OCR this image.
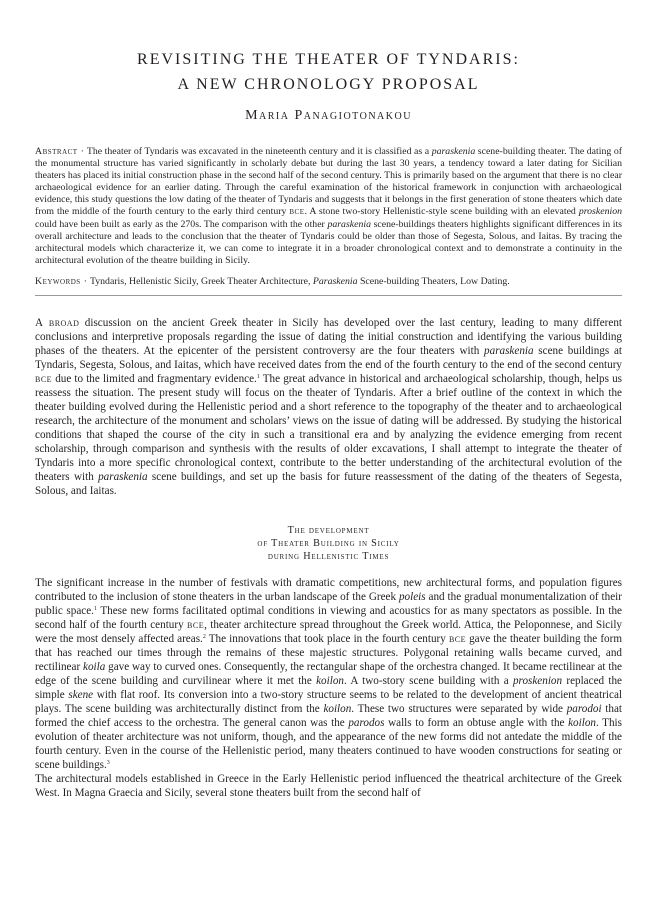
REVISITING THE THEATER OF TYNDARIS:
A NEW CHRONOLOGY PROPOSAL
Maria Panagiotonakou

Abstract · The theater of Tyndaris was excavated in the nineteenth century and it is classified as a paraskenia scene-building theater. The dating of the monumental structure has varied significantly in scholarly debate but during the last 30 years, a tendency toward a later dating for Sicilian theaters has placed its initial construction phase in the second half of the second century. This is primarily based on the argument that there is no clear archaeological evidence for an earlier dating. Through the careful examination of the historical framework in conjunction with archaeological evidence, this study questions the low dating of the theater of Tyndaris and suggests that it belongs in the first generation of stone theaters which date from the middle of the fourth century to the early third century bce. A stone two-story Hellenistic-style scene building with an elevated proskenion could have been built as early as the 270s. The comparison with the other paraskenia scene-buildings theaters highlights significant differences in its overall architecture and leads to the conclusion that the theater of Tyndaris could be older than those of Segesta, Solous, and Iaitas. By tracing the architectural models which characterize it, we can come to integrate it in a broader chronological context and to demonstrate a continuity in the architectural evolution of the theatre building in Sicily.

Keywords · Tyndaris, Hellenistic Sicily, Greek Theater Architecture, Paraskenia Scene-building Theaters, Low Dating.

A broad discussion on the ancient Greek theater in Sicily has developed over the last century, leading to many different conclusions and interpretive proposals regarding the issue of dating the initial construction and identifying the various building phases of the theaters. At the epicenter of the persistent controversy are the four theaters with paraskenia scene buildings at Tyndaris, Segesta, Solous, and Iaitas, which have received dates from the end of the fourth century to the end of the second century bce due to the limited and fragmentary evidence.$^1$ The great advance in historical and archaeological scholarship, though, helps us reassess the situation. The present study will focus on the theater of Tyndaris. After a brief outline of the context in which the theater building evolved during the Hellenistic period and a short reference to the topography of the theater and to archaeological research, the architecture of the monument and scholars’ views on the issue of dating will be addressed. By studying the historical conditions that shaped the course of the city in such a transitional era and by analyzing the evidence emerging from recent scholarship, through comparison and synthesis with the results of older excavations, I shall attempt to integrate the theater of Tyndaris into a more specific chronological context, contribute to the better understanding of the architectural evolution of the theaters with paraskenia scene buildings, and set up the basis for future reassessment of the dating of the theaters of Segesta, Solous, and Iaitas.

The development
of Theater Building in Sicily
during Hellenistic Times

The significant increase in the number of festivals with dramatic competitions, new architectural forms, and population figures contributed to the inclusion of stone theaters in the urban landscape of the Greek poleis and the gradual monumentalization of their public space.$^1$ These new forms facilitated optimal conditions in viewing and acoustics for as many spectators as possible. In the second half of the fourth century bce, theater architecture spread throughout the Greek world. Attica, the Peloponnese, and Sicily were the most densely affected areas.$^2$ The innovations that took place in the fourth century bce gave the theater building the form that has reached our times through the remains of these majestic structures. Polygonal retaining walls became curved, and rectilinear koila gave way to curved ones. Consequently, the rectangular shape of the orchestra changed. It became rectilinear at the edge of the scene building and curvilinear where it met the koilon. A two-story scene building with a proskenion replaced the simple skene with flat roof. Its conversion into a two-story structure seems to be related to the development of ancient theatrical plays. The scene building was architecturally distinct from the koilon. These two structures were separated by wide parodoi that formed the chief access to the orchestra. The general canon was the parodos walls to form an obtuse angle with the koilon. This evolution of theater architecture was not uniform, though, and the appearance of the new forms did not antedate the middle of the fourth century. Even in the course of the Hellenistic period, many theaters continued to have wooden constructions for seating or scene buildings.$^3$

The architectural models established in Greece in the Early Hellenistic period influenced the theatrical architecture of the Greek West. In Magna Graecia and Sicily, several stone theaters built from the second half of
